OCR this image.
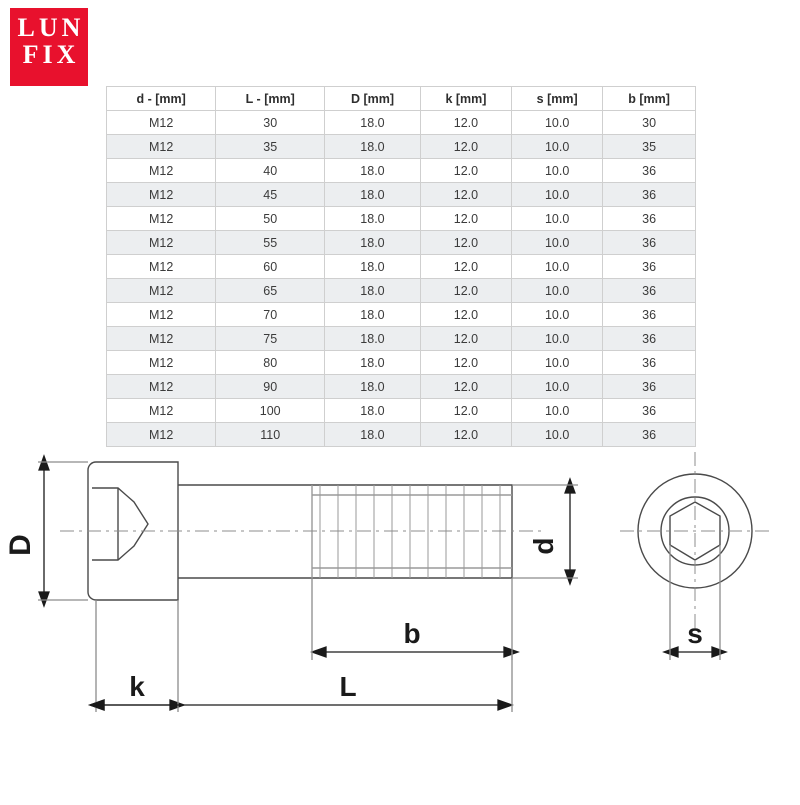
LUN
FIX
d - [mm]	L - [mm]	D [mm]	k [mm]	s [mm]	b [mm]
M12	30	18.0	12.0	10.0	30
M12	35	18.0	12.0	10.0	35
M12	40	18.0	12.0	10.0	36
M12	45	18.0	12.0	10.0	36
M12	50	18.0	12.0	10.0	36
M12	55	18.0	12.0	10.0	36
M12	60	18.0	12.0	10.0	36
M12	65	18.0	12.0	10.0	36
M12	70	18.0	12.0	10.0	36
M12	75	18.0	12.0	10.0	36
M12	80	18.0	12.0	10.0	36
M12	90	18.0	12.0	10.0	36
M12	100	18.0	12.0	10.0	36
M12	110	18.0	12.0	10.0	36
D	d
k
b
L
s
